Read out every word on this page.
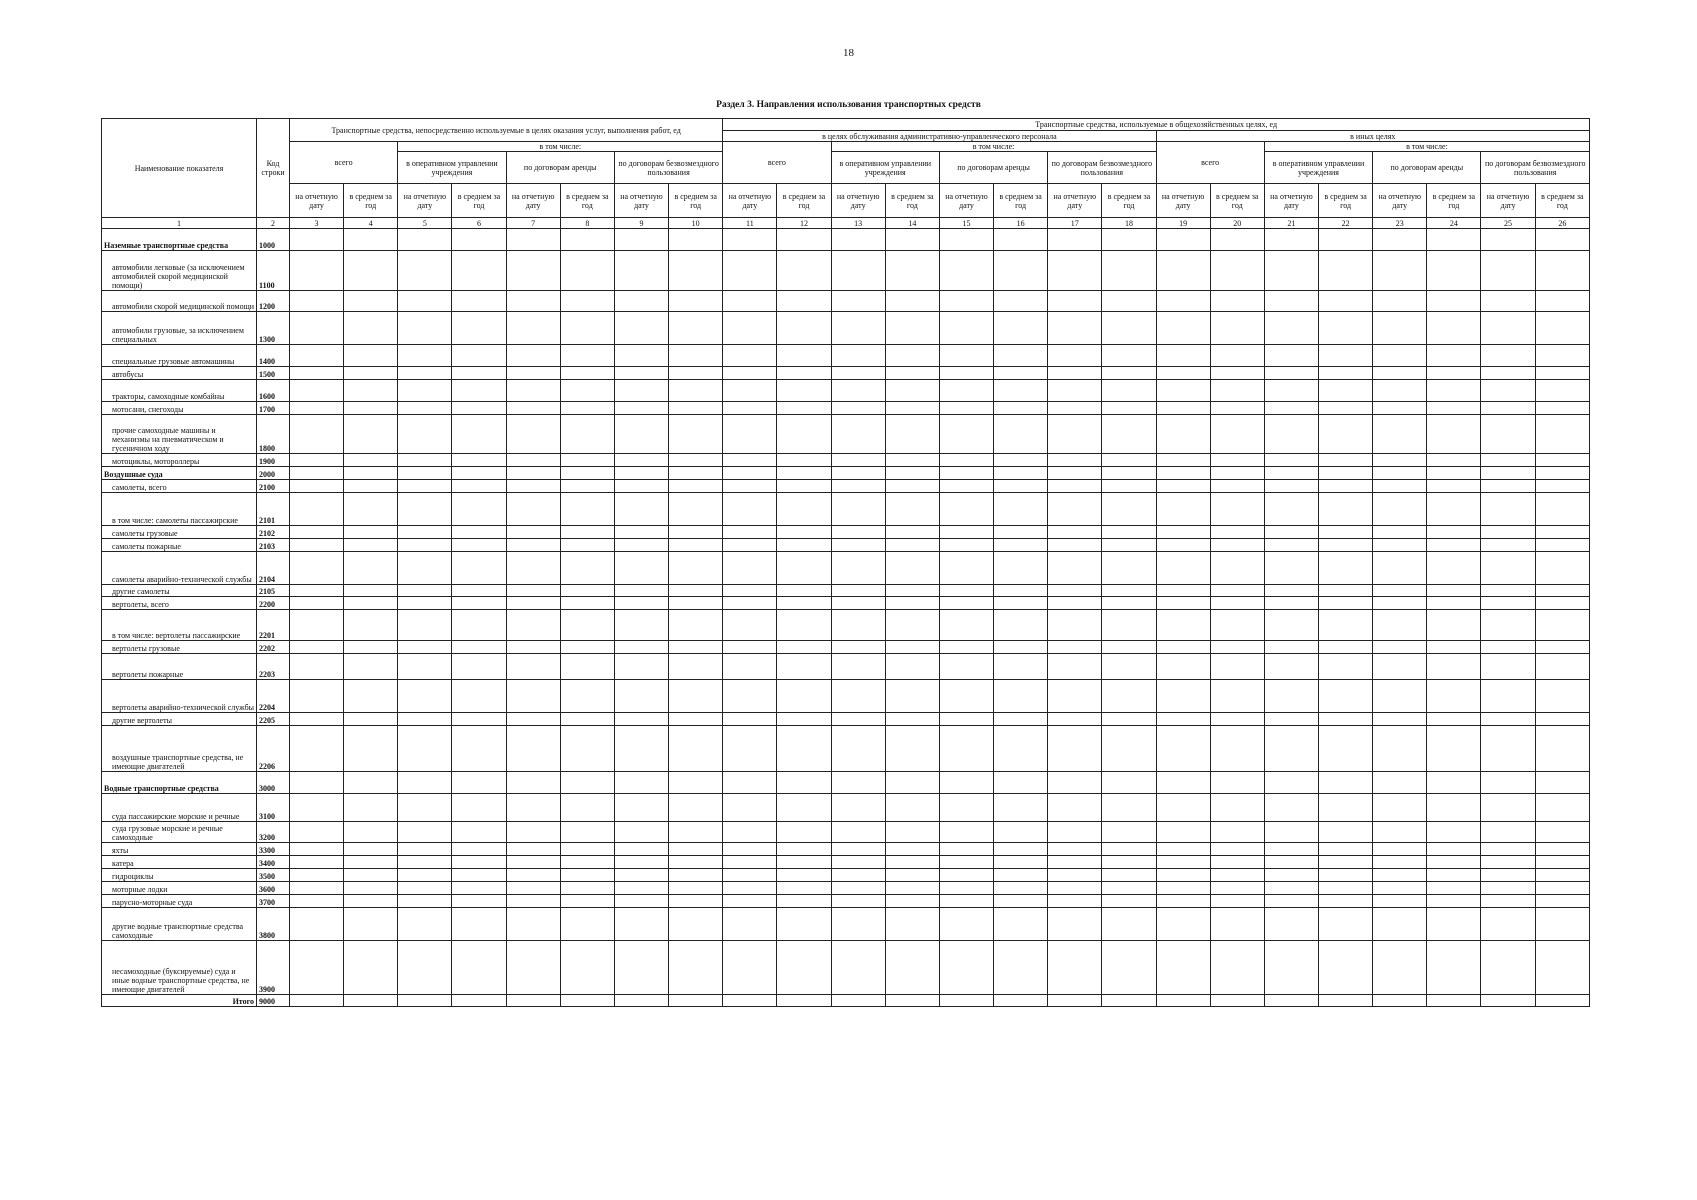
18
Раздел 3. Направления использования транспортных средств
Наименование показателя	Код строки	Транспортные средства, непосредственно используемые в целях оказания услуг, выполнения работ, ед								Транспортные средства, используемые в общехозяйственных целях, ед															
										в целях обслуживания административно-управленческого персонала								в иных целях							
		всего		в том числе:						всего		в том числе:						всего		в том числе:					
				в оперативном управлении учреждения		по договорам аренды		по договорам безвозмездного пользования				в оперативном управлении учреждения		по договорам аренды		по договорам безвозмездного пользования				в оперативном управлении учреждения		по договорам аренды		по договорам безвозмездного пользования	
		на отчетную дату	в среднем за год	на отчетную дату	в среднем за год	на отчетную дату	в среднем за год	на отчетную дату	в среднем за год	на отчетную дату	в среднем за год	на отчетную дату	в среднем за год	на отчетную дату	в среднем за год	на отчетную дату	в среднем за год	на отчетную дату	в среднем за год	на отчетную дату	в среднем за год	на отчетную дату	в среднем за год	на отчетную дату	в среднем за год
1	2	3	4	5	6	7	8	9	10	11	12	13	14	15	16	17	18	19	20	21	22	23	24	25	26
Наземные транспортные средства	1000																								
автомобили легковые (за исключением автомобилей скорой медицинской помощи)	1100																								
автомобили скорой медицинской помощи	1200																								
автомобили грузовые, за исключением специальных	1300																								
специальные грузовые автомашины	1400																								
автобусы	1500																								
тракторы, самоходные комбайны	1600																								
мотосани, снегоходы	1700																								
прочие самоходные машины и механизмы на пневматическом и гусеничном ходу	1800																								
мотоциклы, мотороллеры	1900																								
Воздушные суда	2000																								
самолеты, всего	2100																								
в том числе: самолеты пассажирские	2101																								
самолеты грузовые	2102																								
самолеты пожарные	2103																								
самолеты аварийно-технической службы	2104																								
другие самолеты	2105																								
вертолеты, всего	2200																								
в том числе: вертолеты пассажирские	2201																								
вертолеты грузовые	2202																								
вертолеты пожарные	2203																								
вертолеты аварийно-технической службы	2204																								
другие вертолеты	2205																								
воздушные транспортные средства, не имеющие двигателей	2206																								
Водные транспортные средства	3000																								
суда пассажирские морские и речные	3100																								
суда грузовые морские и речные самоходные	3200																								
яхты	3300																								
катера	3400																								
гидроциклы	3500																								
моторные лодки	3600																								
парусно-моторные суда	3700																								
другие водные транспортные средства самоходные	3800																								
несамоходные (буксируемые) суда и иные водные транспортные средства, не имеющие двигателей	3900																								
Итого	9000																								
